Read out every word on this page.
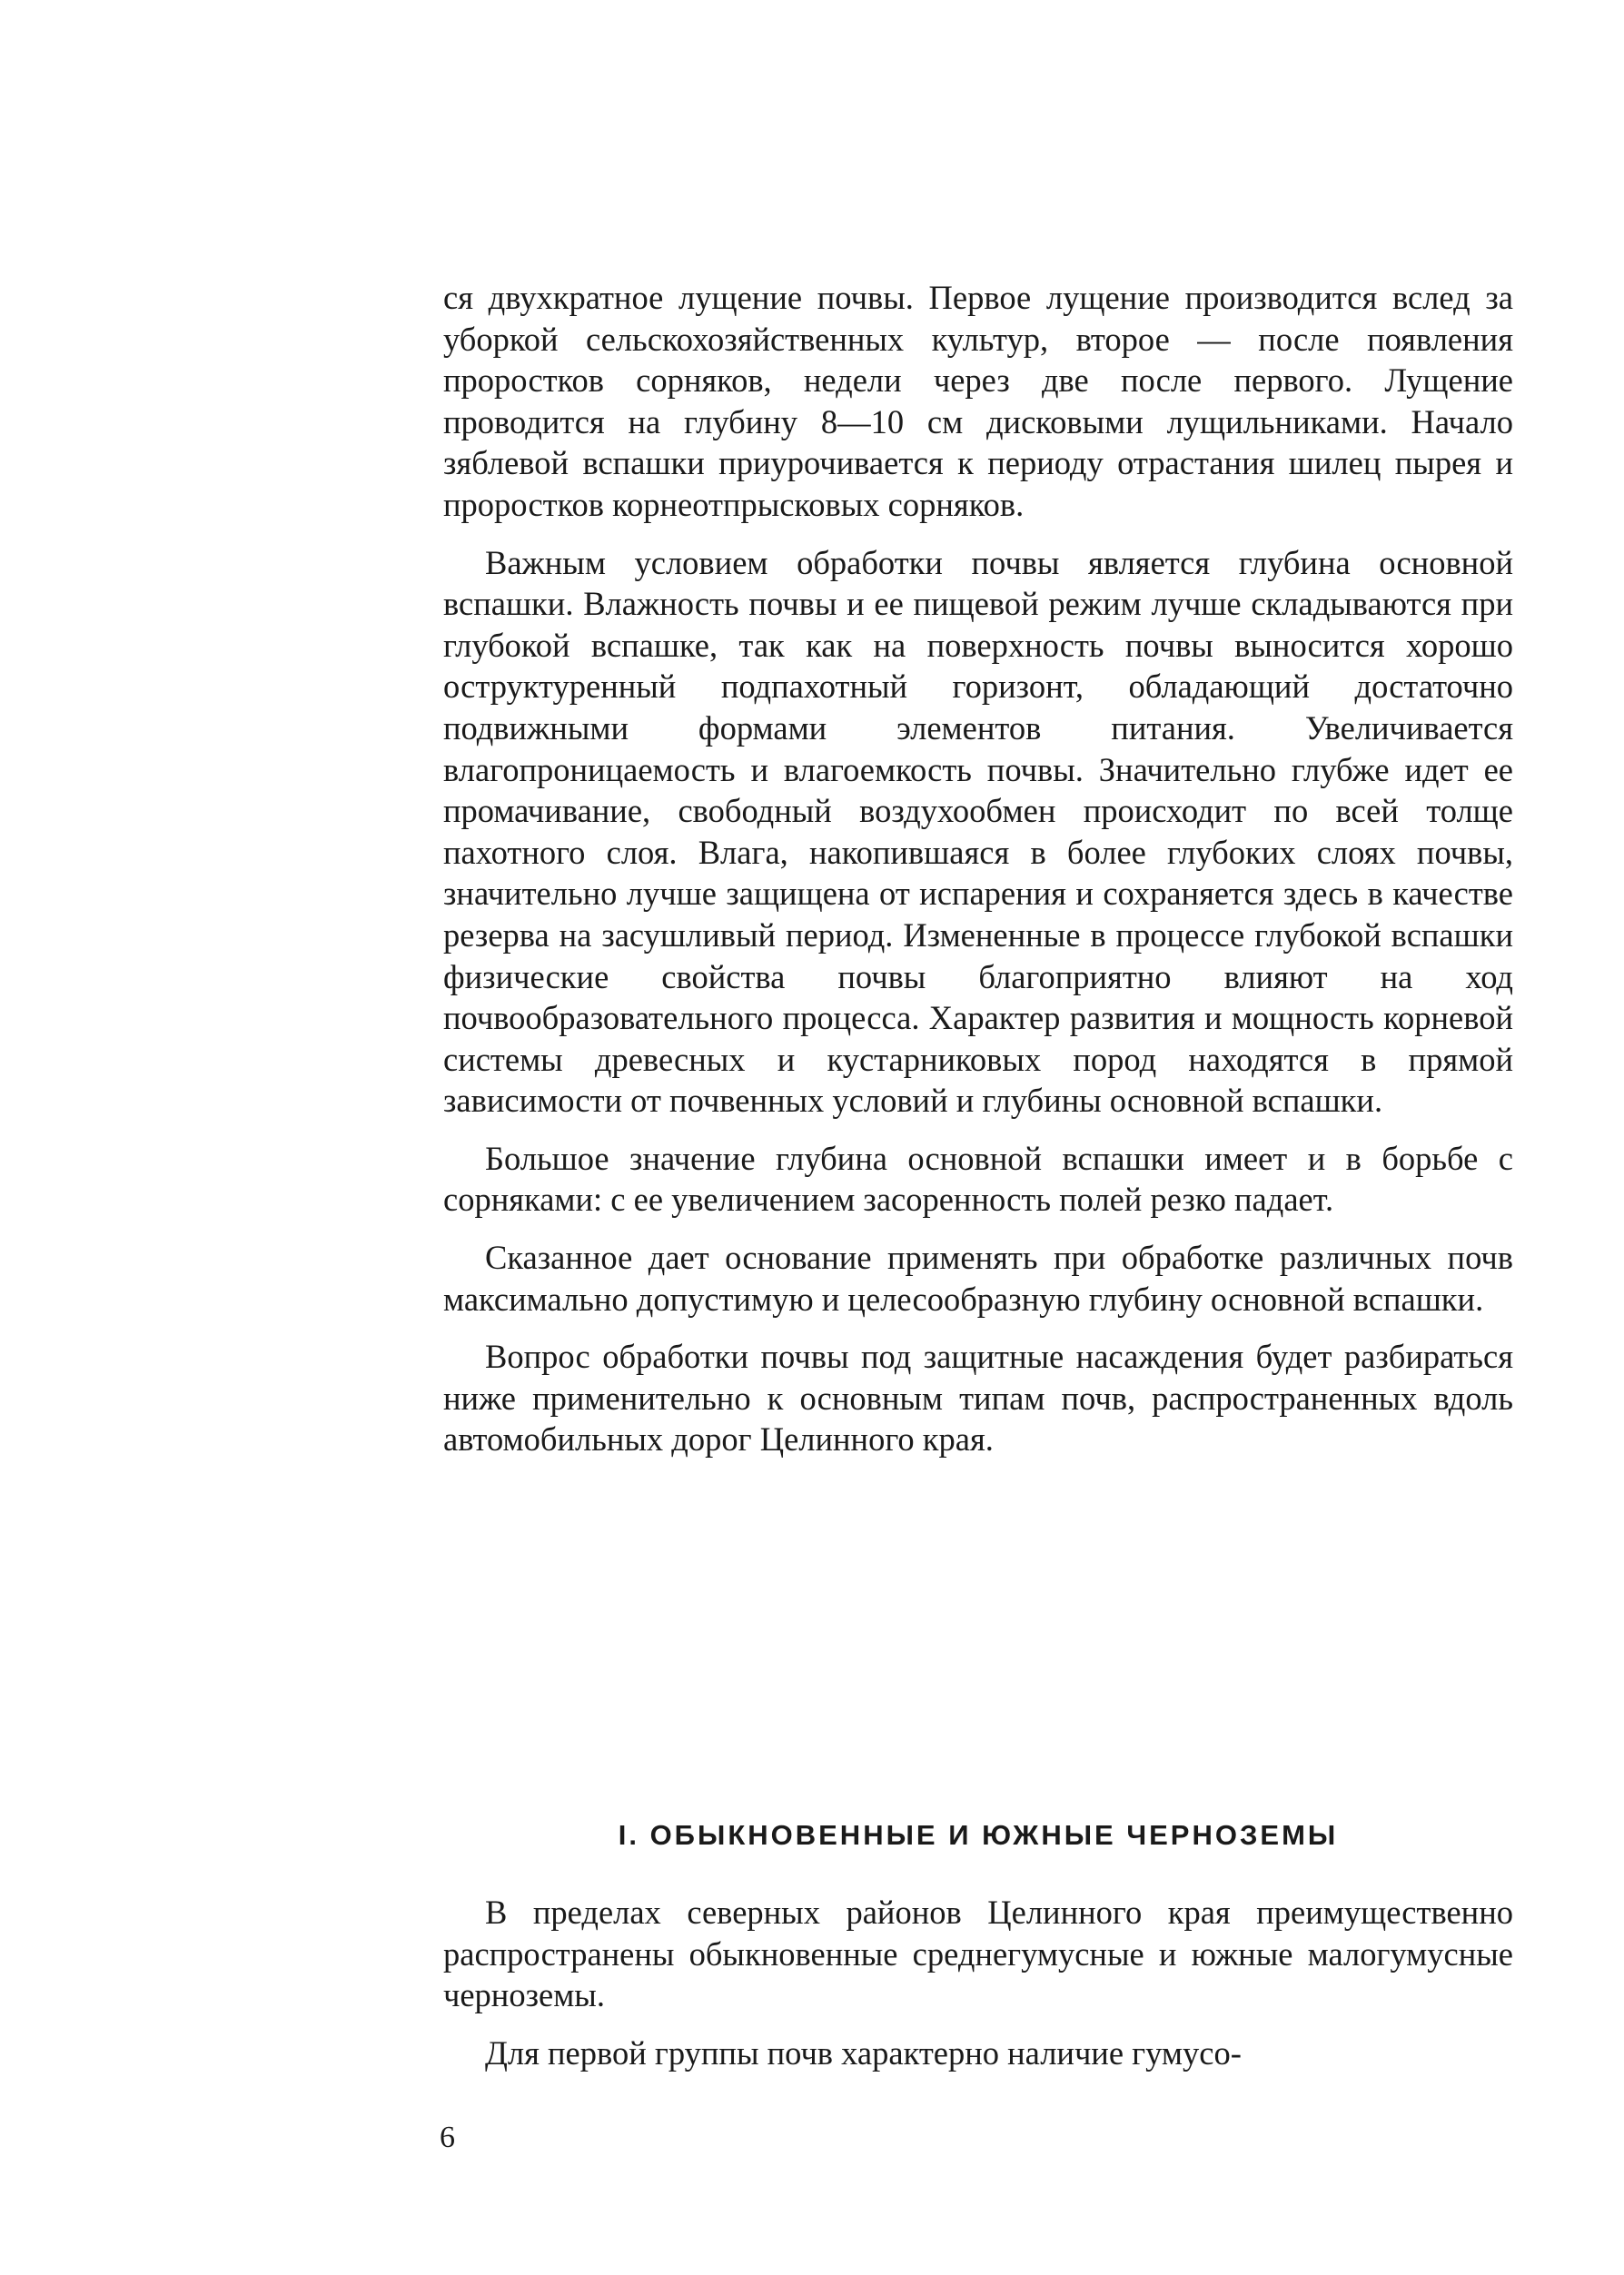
ся двухкратное лущение почвы. Первое лущение производится вслед за уборкой сельскохозяйственных культур, второе — после появления проростков сорняков, недели через две после первого. Лущение проводится на глубину 8—10 см дисковыми лущильниками. Начало зяблевой вспашки приурочивается к периоду отрастания шилец пырея и проростков корнеотпрысковых сорняков.

Важным условием обработки почвы является глубина основной вспашки. Влажность почвы и ее пищевой режим лучше складываются при глубокой вспашке, так как на поверхность почвы выносится хорошо оструктуренный подпахотный горизонт, обладающий достаточно подвижными формами элементов питания. Увеличивается влагопроницаемость и влагоемкость почвы. Значительно глубже идет ее промачивание, свободный воздухообмен происходит по всей толще пахотного слоя. Влага, накопившаяся в более глубоких слоях почвы, значительно лучше защищена от испарения и сохраняется здесь в качестве резерва на засушливый период. Измененные в процессе глубокой вспашки физические свойства почвы благоприятно влияют на ход почвообразовательного процесса. Характер развития и мощность корневой системы древесных и кустарниковых пород находятся в прямой зависимости от почвенных условий и глубины основной вспашки.

Большое значение глубина основной вспашки имеет и в борьбе с сорняками: с ее увеличением засоренность полей резко падает.

Сказанное дает основание применять при обработке различных почв максимально допустимую и целесообразную глубину основной вспашки.

Вопрос обработки почвы под защитные насаждения будет разбираться ниже применительно к основным типам почв, распространенных вдоль автомобильных дорог Целинного края.

I. ОБЫКНОВЕННЫЕ И ЮЖНЫЕ ЧЕРНОЗЕМЫ

В пределах северных районов Целинного края преимущественно распространены обыкновенные среднегумусные и южные малогумусные черноземы.

Для первой группы почв характерно наличие гумусо-

6
